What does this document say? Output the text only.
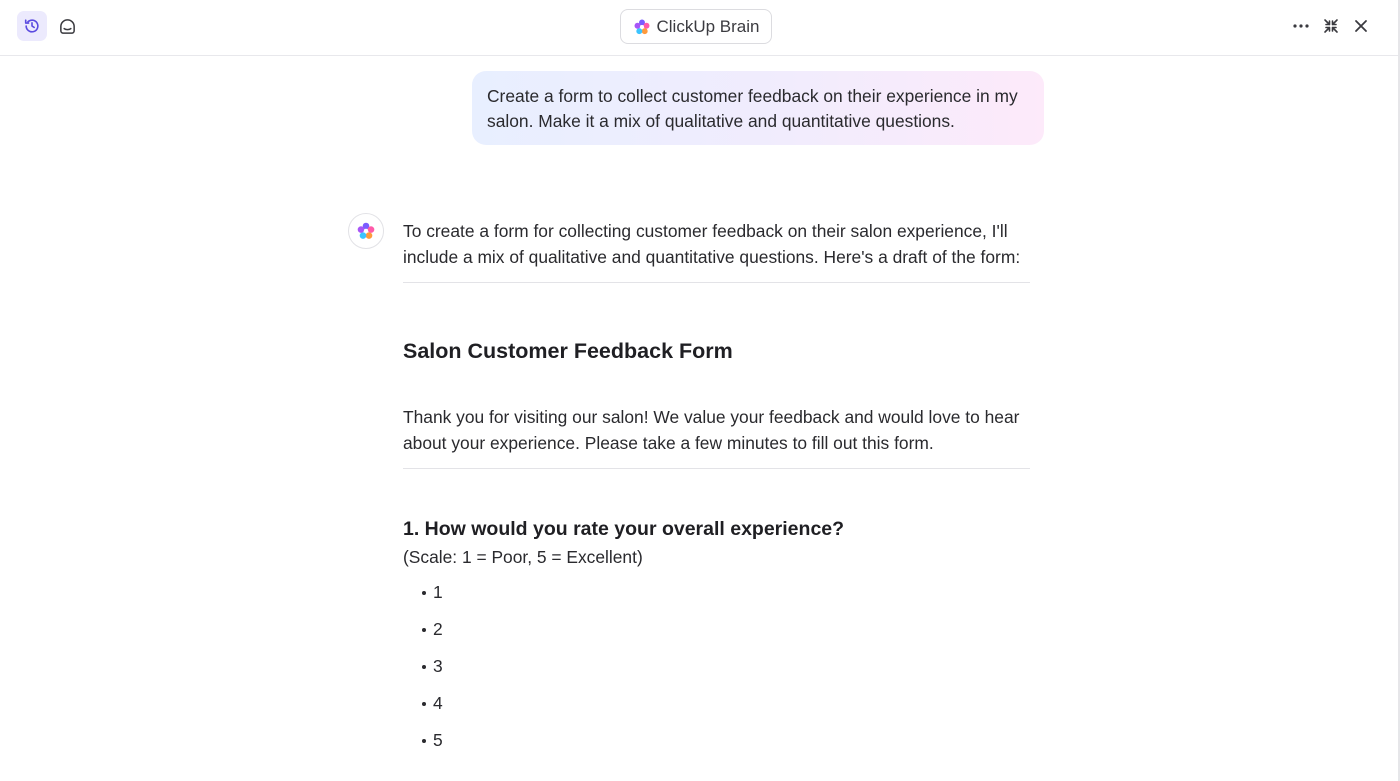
ClickUp Brain
Create a form to collect customer feedback on their experience in my salon. Make it a mix of qualitative and quantitative questions.

To create a form for collecting customer feedback on their salon experience, I'll include a mix of qualitative and quantitative questions. Here's a draft of the form:

Salon Customer Feedback Form

Thank you for visiting our salon! We value your feedback and would love to hear about your experience. Please take a few minutes to fill out this form.

1. How would you rate your overall experience?

(Scale: 1 = Poor, 5 = Excellent)

1
2
3
4
5
